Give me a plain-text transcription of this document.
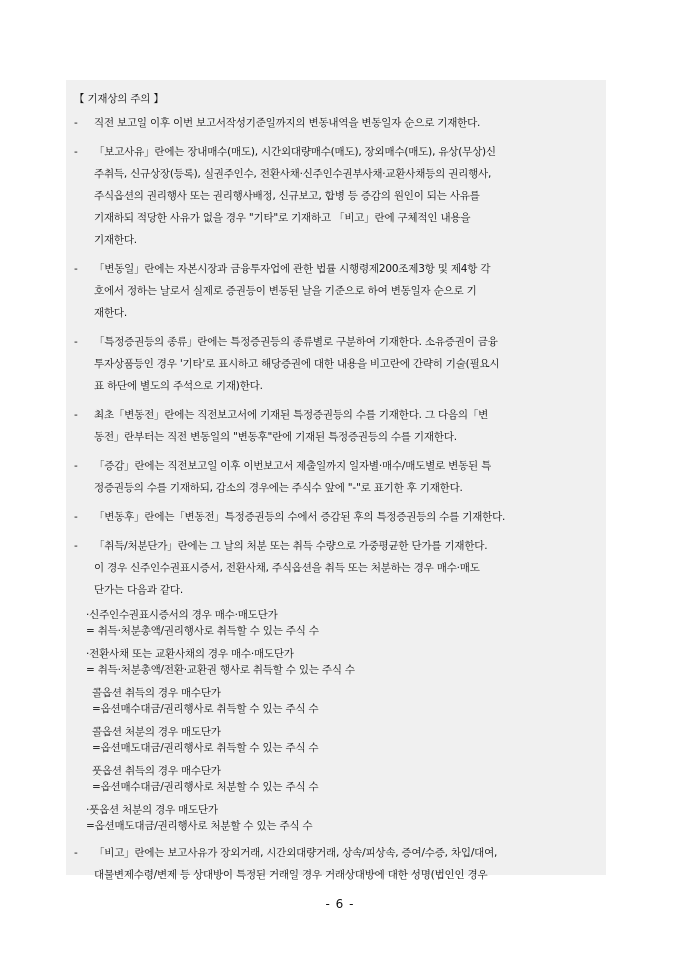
【 기재상의 주의 】
-	직전 보고일 이후 이번 보고서작성기준일까지의 변동내역을 변동일자 순으로 기재한다.
-	「보고사유」란에는 장내매수(매도), 시간외대량매수(매도), 장외매수(매도), 유상(무상)신
주취득, 신규상장(등록), 실권주인수, 전환사채·신주인수권부사채·교환사채등의 권리행사,
주식옵션의 권리행사 또는 권리행사배정, 신규보고, 합병 등 증감의 원인이 되는 사유를
기재하되 적당한 사유가 없을 경우 "기타"로 기재하고 「비고」란에 구체적인 내용을
기재한다.
-	「변동일」란에는 자본시장과 금융투자업에 관한 법률 시행령제200조제3항 및 제4항 각
호에서 정하는 날로서 실제로 증권등이 변동된 날을 기준으로 하여 변동일자 순으로 기
재한다.
-	「특정증권등의 종류」란에는 특정증권등의 종류별로 구분하여 기재한다. 소유증권이 금융
투자상품등인 경우 '기타'로 표시하고 해당증권에 대한 내용을 비고란에 간략히 기술(필요시
표 하단에 별도의 주석으로 기재)한다.
-	최초「변동전」란에는 직전보고서에 기재된 특정증권등의 수를 기재한다. 그 다음의「변
동전」란부터는 직전 변동일의 "변동후"란에 기재된 특정증권등의 수를 기재한다.
-	「증감」란에는 직전보고일 이후 이번보고서 제출일까지 일자별·매수/매도별로 변동된 특
정증권등의 수를 기재하되, 감소의 경우에는 주식수 앞에 "-"로 표기한 후 기재한다.
-	「변동후」란에는「변동전」특정증권등의 수에서 증감된 후의 특정증권등의 수를 기재한다.
-	「취득/처분단가」란에는 그 날의 처분 또는 취득 수량으로 가중평균한 단가를 기재한다.
이 경우 신주인수권표시증서, 전환사채, 주식옵션을 취득 또는 처분하는 경우 매수·매도
단가는 다음과 같다.
·신주인수권표시증서의 경우 매수·매도단가
= 취득·처분총액/권리행사로 취득할 수 있는 주식 수
·전환사채 또는 교환사채의 경우 매수·매도단가
= 취득·처분총액/전환·교환권 행사로 취득할 수 있는 주식 수
콜옵션 취득의 경우 매수단가
=옵션매수대금/권리행사로 취득할 수 있는 주식 수
콜옵션 처분의 경우 매도단가
=옵션매도대금/권리행사로 취득할 수 있는 주식 수
풋옵션 취득의 경우 매수단가
=옵션매수대금/권리행사로 처분할 수 있는 주식 수
·풋옵션 처분의 경우 매도단가
=옵션매도대금/권리행사로 처분할 수 있는 주식 수
-	「비고」란에는 보고사유가 장외거래, 시간외대량거래, 상속/피상속, 증여/수증, 차입/대여,
대물변제수령/변제 등 상대방이 특정된 거래일 경우 거래상대방에 대한 성명(법인인 경우
- 6 -
